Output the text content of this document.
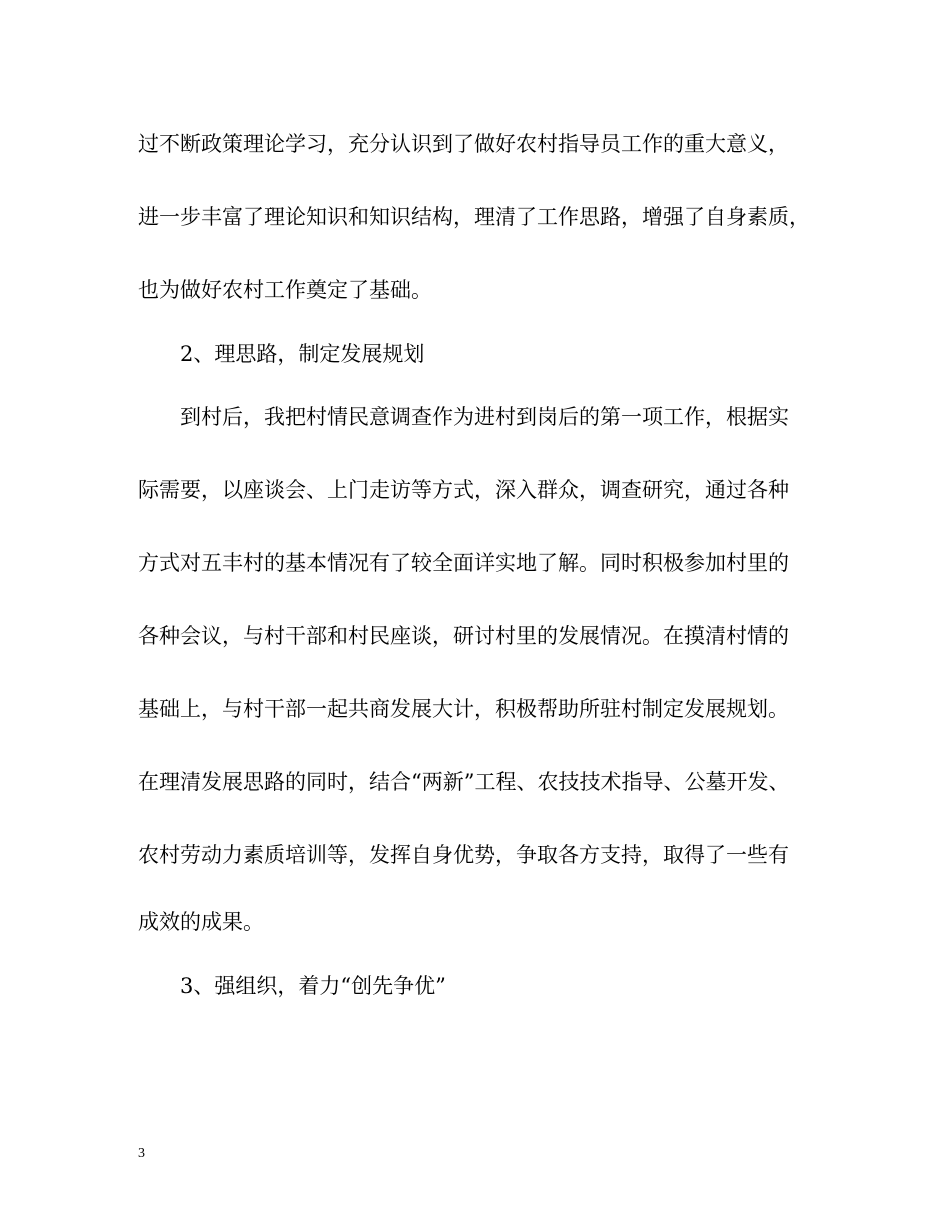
过不断政策理论学习，充分认识到了做好农村指导员工作的重大意义，
进一步丰富了理论知识和知识结构，理清了工作思路，增强了自身素质，
也为做好农村工作奠定了基础。
2、理思路，制定发展规划
到村后，我把村情民意调查作为进村到岗后的第一项工作，根据实
际需要，以座谈会、上门走访等方式，深入群众，调查研究，通过各种
方式对五丰村的基本情况有了较全面详实地了解。同时积极参加村里的
各种会议，与村干部和村民座谈，研讨村里的发展情况。在摸清村情的
基础上，与村干部一起共商发展大计，积极帮助所驻村制定发展规划。
在理清发展思路的同时，结合“两新”工程、农技技术指导、公墓开发、
农村劳动力素质培训等，发挥自身优势，争取各方支持，取得了一些有
成效的成果。
3、强组织，着力“创先争优”
3
